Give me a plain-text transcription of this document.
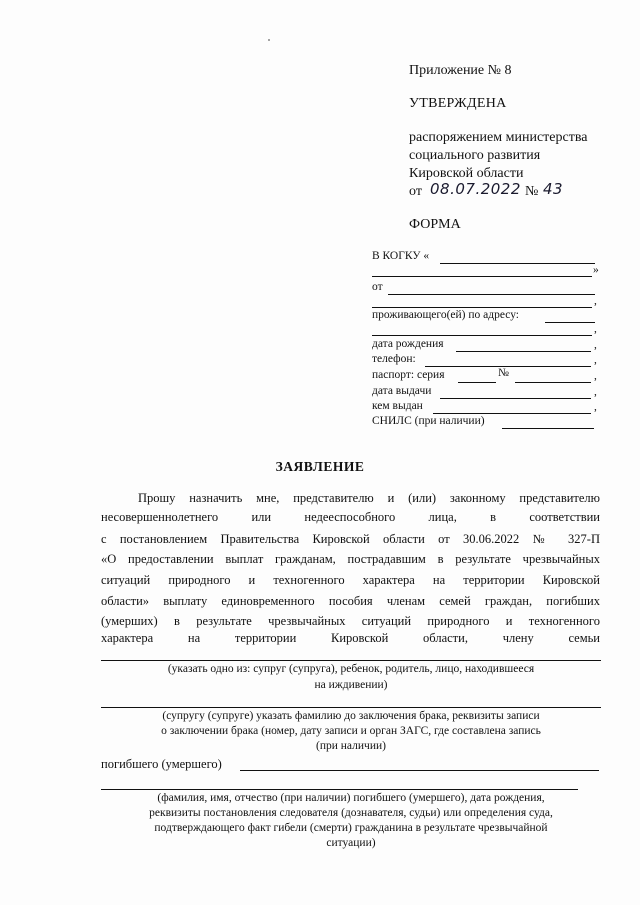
Приложение № 8
УТВЕРЖДЕНА
распоряжением министерства
социального развития
Кировской области
от 08.07.2022 № 43
ФОРМА
В КОГКУ «
»
от
,
проживающего(ей) по адресу:
,
дата рождения	,
телефон:	,
паспорт: серия	№	,
дата выдачи	,
кем выдан	,
СНИЛС (при наличии)
ЗАЯВЛЕНИЕ
Прошу назначить мне, представителю и (или) законному представителю
несовершеннолетнего или недееспособного лица, в соответствии
с постановлением Правительства Кировской области от 30.06.2022 № 327-П
«О предоставлении выплат гражданам, пострадавшим в результате чрезвычайных
ситуаций природного и техногенного характера на территории Кировской
области» выплату единовременного пособия членам семей граждан, погибших
(умерших) в результате чрезвычайных ситуаций природного и техногенного
характера на территории Кировской области, члену семьи
(указать одно из: супруг (супруга), ребенок, родитель, лицо, находившееся
на иждивении)
(супругу (супруге) указать фамилию до заключения брака, реквизиты записи
о заключении брака (номер, дату записи и орган ЗАГС, где составлена запись
(при наличии)
погибшего (умершего)
(фамилия, имя, отчество (при наличии) погибшего (умершего), дата рождения,
реквизиты постановления следователя (дознавателя, судьи) или определения суда,
подтверждающего факт гибели (смерти) гражданина в результате чрезвычайной
ситуации)
